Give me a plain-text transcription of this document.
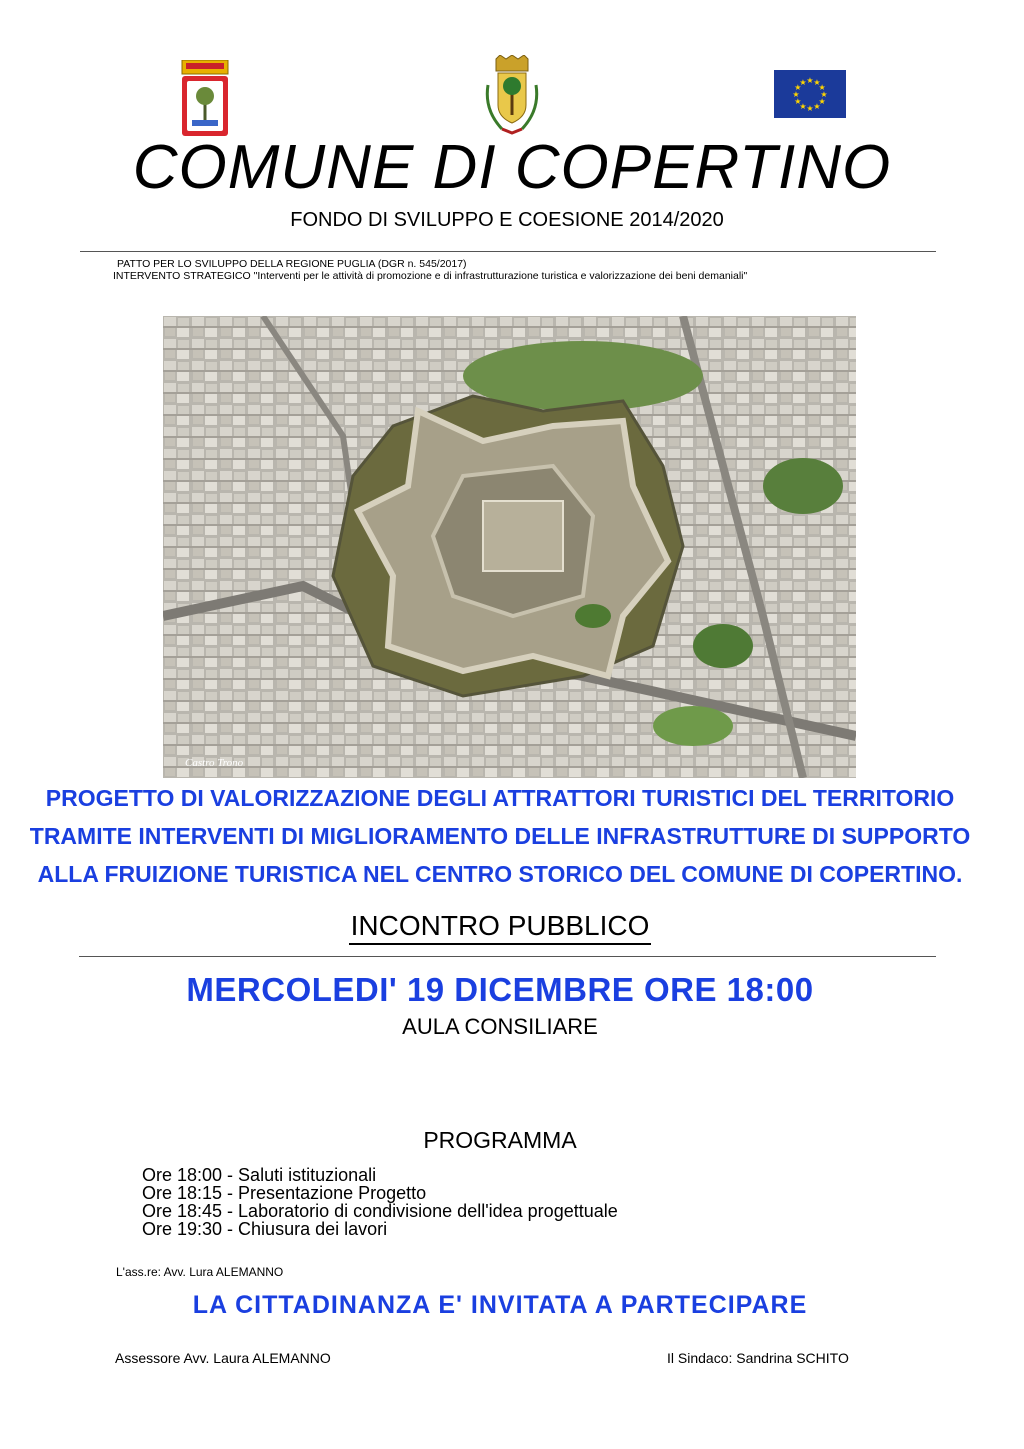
★
★
★
★
★
★
★
★
★ ★ ★
★
COMUNE DI COPERTINO
FONDO DI SVILUPPO E COESIONE 2014/2020
PATTO PER LO SVILUPPO DELLA REGIONE PUGLIA (DGR n. 545/2017)
INTERVENTO STRATEGICO "Interventi per le attività di promozione e di infrastrutturazione turistica e valorizzazione dei beni demaniali"
Castro Trono
PROGETTO DI VALORIZZAZIONE DEGLI ATTRATTORI TURISTICI DEL TERRITORIO
TRAMITE INTERVENTI DI MIGLIORAMENTO DELLE INFRASTRUTTURE DI SUPPORTO
ALLA FRUIZIONE TURISTICA NEL CENTRO STORICO DEL COMUNE DI COPERTINO.
INCONTRO PUBBLICO
MERCOLEDI' 19 DICEMBRE ORE 18:00
AULA CONSILIARE
PROGRAMMA
Ore 18:00 - Saluti istituzionali
Ore 18:15 - Presentazione Progetto
Ore 18:45 - Laboratorio di condivisione dell'idea progettuale
Ore 19:30 - Chiusura dei lavori
L'ass.re: Avv. Lura ALEMANNO
LA CITTADINANZA E' INVITATA A PARTECIPARE
Assessore Avv. Laura ALEMANNO	Il Sindaco: Sandrina SCHITO
